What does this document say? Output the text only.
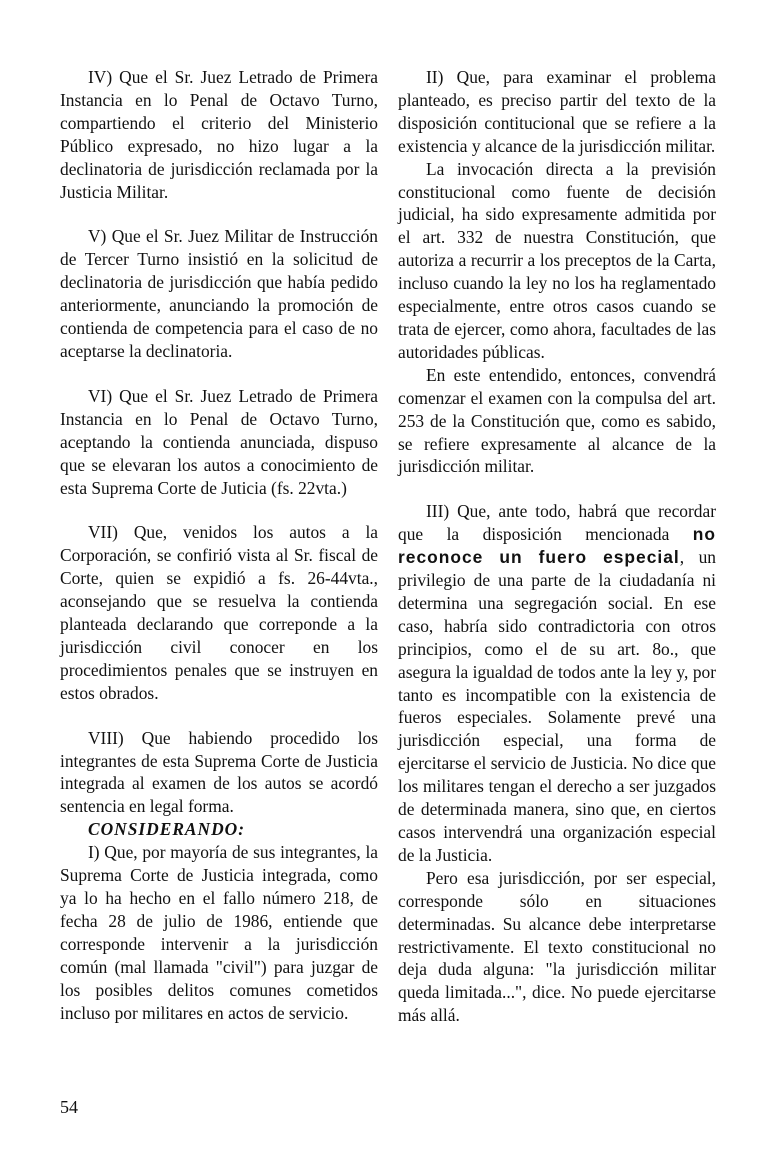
IV) Que el Sr. Juez Letrado de Primera Instancia en lo Penal de Octavo Turno, compartiendo el criterio del Ministerio Público expresado, no hizo lugar a la declinatoria de jurisdicción reclamada por la Justicia Militar.

V) Que el Sr. Juez Militar de Instrucción de Tercer Turno insistió en la solicitud de declinatoria de jurisdicción que había pedido anteriormente, anunciando la promoción de contienda de competencia para el caso de no aceptarse la declinatoria.

VI) Que el Sr. Juez Letrado de Primera Instancia en lo Penal de Octavo Turno, aceptando la contienda anunciada, dispuso que se elevaran los autos a conocimiento de esta Suprema Corte de Juticia (fs. 22vta.)

VII) Que, venidos los autos a la Corporación, se confirió vista al Sr. fiscal de Corte, quien se expidió a fs. 26-44vta., aconsejando que se resuelva la contienda planteada declarando que correponde a la jurisdicción civil conocer en los procedimientos penales que se instruyen en estos obrados.

VIII) Que habiendo procedido los integrantes de esta Suprema Corte de Justicia integrada al examen de los autos se acordó sentencia en legal forma.

CONSIDERANDO:

I) Que, por mayoría de sus integrantes, la Suprema Corte de Justicia integrada, como ya lo ha hecho en el fallo número 218, de fecha 28 de julio de 1986, entiende que corresponde intervenir a la jurisdicción común (mal llamada "civil") para juzgar de los posibles delitos comunes cometidos incluso por militares en actos de servicio.

II) Que, para examinar el problema planteado, es preciso partir del texto de la disposición contitucional que se refiere a la existencia y alcance de la jurisdicción militar.

La invocación directa a la previsión constitucional como fuente de decisión judicial, ha sido expresamente admitida por el art. 332 de nuestra Constitución, que autoriza a recurrir a los preceptos de la Carta, incluso cuando la ley no los ha reglamentado especialmente, entre otros casos cuando se trata de ejercer, como ahora, facultades de las autoridades públicas.

En este entendido, entonces, convendrá comenzar el examen con la compulsa del art. 253 de la Constitución que, como es sabido, se refiere expresamente al alcance de la jurisdicción militar.

III) Que, ante todo, habrá que recordar que la disposición mencionada no reconoce un fuero especial, un privilegio de una parte de la ciudadanía ni determina una segregación social. En ese caso, habría sido contradictoria con otros principios, como el de su art. 8o., que asegura la igualdad de todos ante la ley y, por tanto es incompatible con la existencia de fueros especiales. Solamente prevé una jurisdicción especial, una forma de ejercitarse el servicio de Justicia. No dice que los militares tengan el derecho a ser juzgados de determinada manera, sino que, en ciertos casos intervendrá una organización especial de la Justicia.

Pero esa jurisdicción, por ser especial, corresponde sólo en situaciones determinadas. Su alcance debe interpretarse restrictivamente. El texto constitucional no deja duda alguna: "la jurisdicción militar queda limitada...", dice. No puede ejercitarse más allá.

54
